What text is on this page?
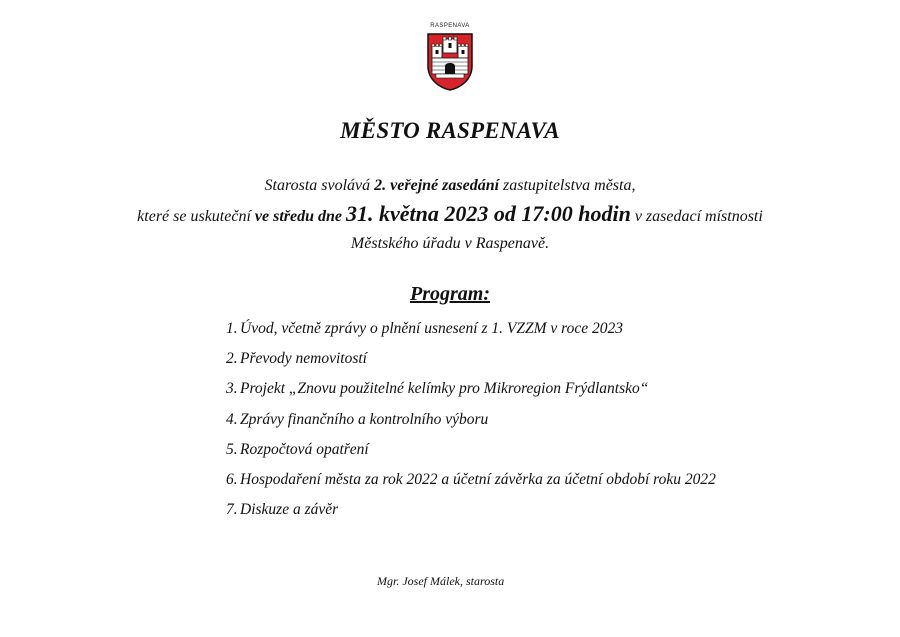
RASPENAVA
MĚSTO RASPENAVA
Starosta svolává 2. veřejné zasedání zastupitelstva města,
které se uskuteční ve středu dne 31. května 2023 od 17:00 hodin v zasedací místnosti
Městského úřadu v Raspenavě.
Program:
1. Úvod, včetně zprávy o plnění usnesení z 1. VZZM v roce 2023
2. Převody nemovitostí
3. Projekt „Znovu použitelné kelímky pro Mikroregion Frýdlantsko“
4. Zprávy finančního a kontrolního výboru
5. Rozpočtová opatření
6. Hospodaření města za rok 2022 a účetní závěrka za účetní období roku 2022
7. Diskuze a závěr
Mgr. Josef Málek, starosta
